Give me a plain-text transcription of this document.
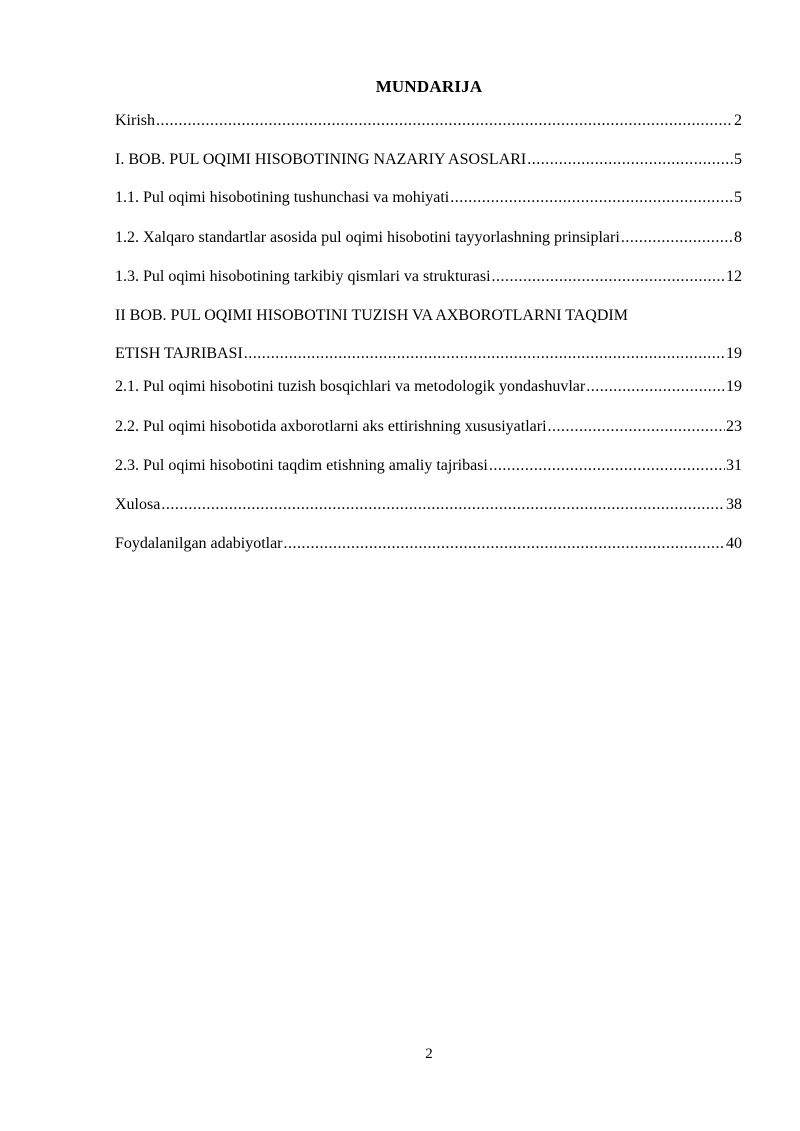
MUNDARIJA
Kirish .....	2
I. BOB. PUL OQIMI HISOBOTINING NAZARIY ASOSLARI .....	5
1.1. Pul oqimi hisobotining tushunchasi va mohiyati .....	5
1.2. Xalqaro standartlar asosida pul oqimi hisobotini tayyorlashning prinsiplari .....	8
1.3. Pul oqimi hisobotining tarkibiy qismlari va strukturasi .....	12
II BOB. PUL OQIMI HISOBOTINI TUZISH VA AXBOROTLARNI TAQDIM
ETISH TAJRIBASI .....	19
2.1. Pul oqimi hisobotini tuzish bosqichlari va metodologik yondashuvlar .....	19
2.2. Pul oqimi hisobotida axborotlarni aks ettirishning xususiyatlari .....	23
2.3. Pul oqimi hisobotini taqdim etishning amaliy tajribasi .....	31
Xulosa .....	38
Foydalanilgan adabiyotlar .....	40
2
